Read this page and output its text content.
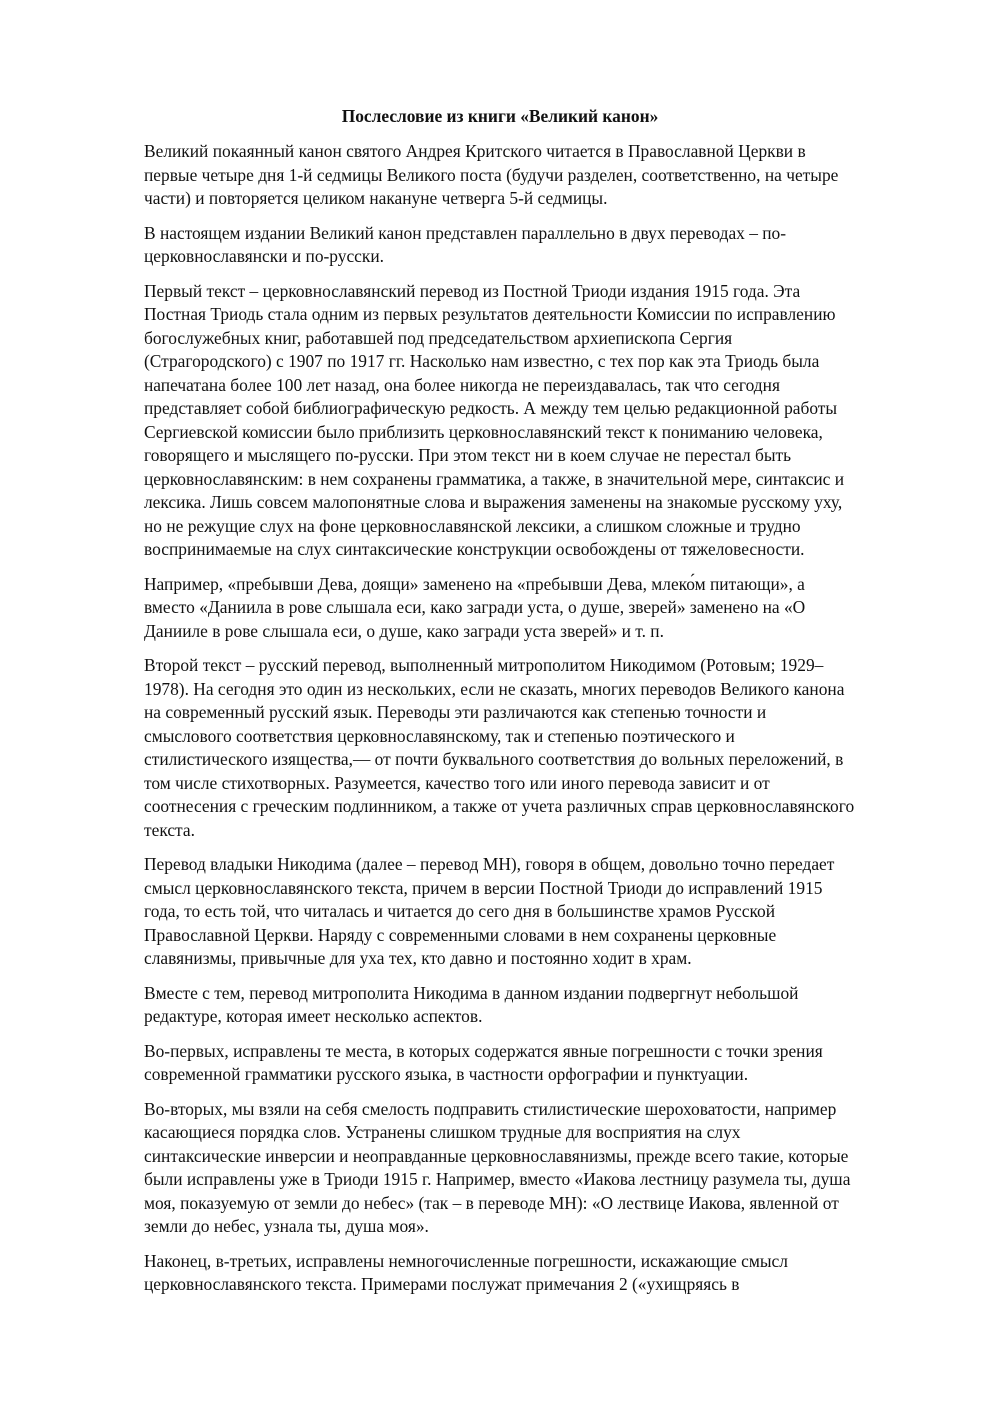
Послесловие из книги «Великий канон»

Великий покаянный канон святого Андрея Критского читается в Православной Церкви в первые четыре дня 1-й седмицы Великого поста (будучи разделен, соответственно, на четыре части) и повторяется целиком накануне четверга 5-й седмицы.

В настоящем издании Великий канон представлен параллельно в двух переводах – по-церковнославянски и по-русски.

Первый текст – церковнославянский перевод из Постной Триоди издания 1915 года. Эта Постная Триодь стала одним из первых результатов деятельности Комиссии по исправлению богослужебных книг, работавшей под председательством архиепископа Сергия (Страгородского) с 1907 по 1917 гг. Насколько нам известно, с тех пор как эта Триодь была напечатана более 100 лет назад, она более никогда не переиздавалась, так что сегодня представляет собой библиографическую редкость. А между тем целью редакционной работы Сергиевской комиссии было приблизить церковнославянский текст к пониманию человека, говорящего и мыслящего по-русски. При этом текст ни в коем случае не перестал быть церковнославянским: в нем сохранены грамматика, а также, в значительной мере, синтаксис и лексика. Лишь совсем малопонятные слова и выражения заменены на знакомые русскому уху, но не режущие слух на фоне церковнославянской лексики, а слишком сложные и трудно воспринимаемые на слух синтаксические конструкции освобождены от тяжеловесности.

Например, «пребывши Дева, доящи» заменено на «пребывши Дева, млеко́м питающи», а вместо «Даниила в рове слышала еси, како загради уста, о душе, зверей» заменено на «О Данииле в рове слышала еси, о душе, како загради уста зверей» и т. п.

Второй текст – русский перевод, выполненный митрополитом Никодимом (Ротовым; 1929–1978). На сегодня это один из нескольких, если не сказать, многих переводов Великого канона на современный русский язык. Переводы эти различаются как степенью точности и смыслового соответствия церковнославянскому, так и степенью поэтического и стилистического изящества,— от почти буквального соответствия до вольных переложений, в том числе стихотворных. Разумеется, качество того или иного перевода зависит и от соотнесения с греческим подлинником, а также от учета различных справ церковнославянского текста.

Перевод владыки Никодима (далее – перевод МН), говоря в общем, довольно точно передает смысл церковнославянского текста, причем в версии Постной Триоди до исправлений 1915 года, то есть той, что читалась и читается до сего дня в большинстве храмов Русской Православной Церкви. Наряду с современными словами в нем сохранены церковные славянизмы, привычные для уха тех, кто давно и постоянно ходит в храм.

Вместе с тем, перевод митрополита Никодима в данном издании подвергнут небольшой редактуре, которая имеет несколько аспектов.

Во-первых, исправлены те места, в которых содержатся явные погрешности с точки зрения современной грамматики русского языка, в частности орфографии и пунктуации.

Во-вторых, мы взяли на себя смелость подправить стилистические шероховатости, например касающиеся порядка слов. Устранены слишком трудные для восприятия на слух синтаксические инверсии и неоправданные церковнославянизмы, прежде всего такие, которые были исправлены уже в Триоди 1915 г. Например, вместо «Иакова лестницу разумела ты, душа моя, показуемую от земли до небес» (так – в переводе МН): «О лествице Иакова, явленной от земли до небес, узнала ты, душа моя».

Наконец, в-третьих, исправлены немногочисленные погрешности, искажающие смысл церковнославянского текста. Примерами послужат примечания 2 («ухищряясь в
